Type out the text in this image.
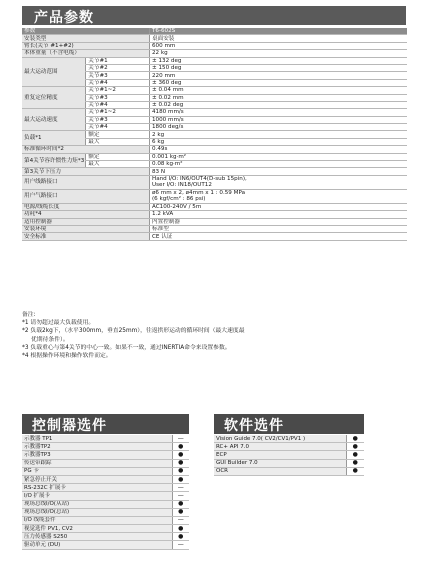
产品参数
参数		T6-602S
安装类型		桌面安装
臂长(关节 #1+#2)		600 mm
本体重量（不含电缆）		22 kg
最大运动范围	关节#1	± 132 deg
	关节#2	± 150 deg
	关节#3	220 mm
	关节#4	± 360 deg
重复定位精度	关节#1~2	± 0.04 mm
	关节#3	± 0.02 mm
	关节#4	± 0.02 deg
最大运动速度	关节#1~2	4180 mm/s
	关节#3	1000 mm/s
	关节#4	1800 deg/s
负载*1	额定	2 kg
	最大	6 kg
标准循环时间*2		0.49s
第4关节容许惯性力矩*3	额定	0.001 kg·m²
	最大	0.08 kg·m²
第3关节下压力		83 N
用户线路接口		Hand I/O: IN6/OUT4(D-sub 15pin),
User I/O: IN18/OUT12
用户气路接口		ø6 mm x 2, ø4mm x 1 : 0.59 MPa
(6 kgf/cm² : 86 psi)
电源/线缆长度		AC100-240V / 5m
功耗*4		1.2 kVA
适用控制器		内置控制器
安装环境		标准型
安全标准		CE 认证
备注:
*1 请勿超过最大负载使用。
*2 负载2kg下，（水平300mm，垂直25mm），往返拱形运动的循环时间（最大速度最
优期待条件）。
*3 负载重心与第4关节的中心一致。如果不一致，通过INERTIA命令来设置参数。
*4 根据操作环境和操作软件而定。
控制器选件
示教器 TP1	—
示教器TP2	●
示教器TP3	●
传送带跟踪	●
PG 卡	●
紧急停止开关	●
RS-232C 扩展卡	—
I/O 扩展卡	—
现场总线I/O(从站)	●
现场总线I/O(总站)	●
I/O 线缆套件	—
视觉选件 PV1, CV2	●
压力传感器 S250	●
驱动单元 (DU)	—
软件选件
Vision Guide 7.0( CV2/CV1/PV1 )	●
RC+ API 7.0	●
ECP	●
GUI Builder 7.0	●
OCR	●
